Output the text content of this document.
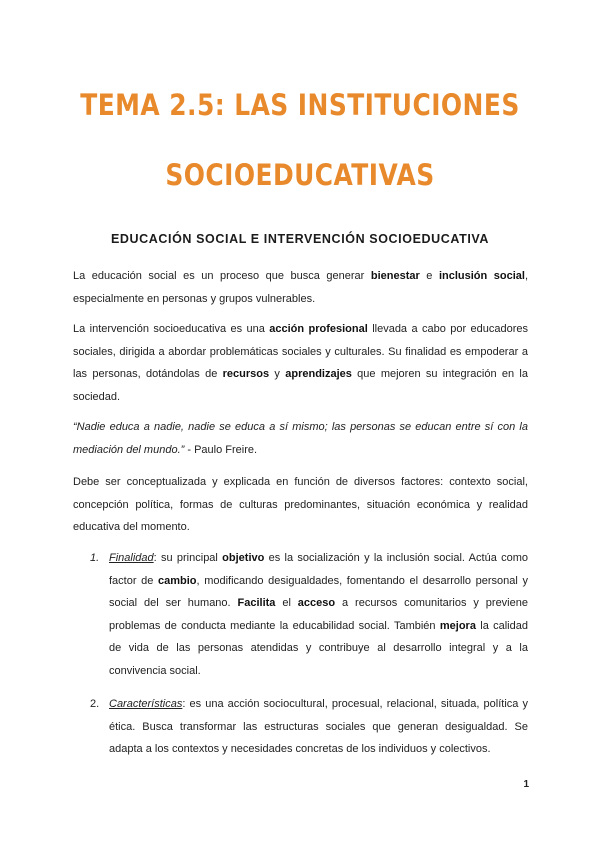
TEMA 2.5: LAS INSTITUCIONES
SOCIOEDUCATIVAS
EDUCACIÓN SOCIAL E INTERVENCIÓN SOCIOEDUCATIVA

La educación social es un proceso que busca generar bienestar e inclusión social, especialmente en personas y grupos vulnerables.

La intervención socioeducativa es una acción profesional llevada a cabo por educadores sociales, dirigida a abordar problemáticas sociales y culturales. Su finalidad es empoderar a las personas, dotándolas de recursos y aprendizajes que mejoren su integración en la sociedad.

“Nadie educa a nadie, nadie se educa a sí mismo; las personas se educan entre sí con la mediación del mundo.” - Paulo Freire.

Debe ser conceptualizada y explicada en función de diversos factores: contexto social, concepción política, formas de culturas predominantes, situación económica y realidad educativa del momento.

1. Finalidad: su principal objetivo es la socialización y la inclusión social. Actúa como factor de cambio, modificando desigualdades, fomentando el desarrollo personal y social del ser humano. Facilita el acceso a recursos comunitarios y previene problemas de conducta mediante la educabilidad social. También mejora la calidad de vida de las personas atendidas y contribuye al desarrollo integral y a la convivencia social.
2. Características: es una acción sociocultural, procesual, relacional, situada, política y ética. Busca transformar las estructuras sociales que generan desigualdad. Se adapta a los contextos y necesidades concretas de los individuos y colectivos.
1
